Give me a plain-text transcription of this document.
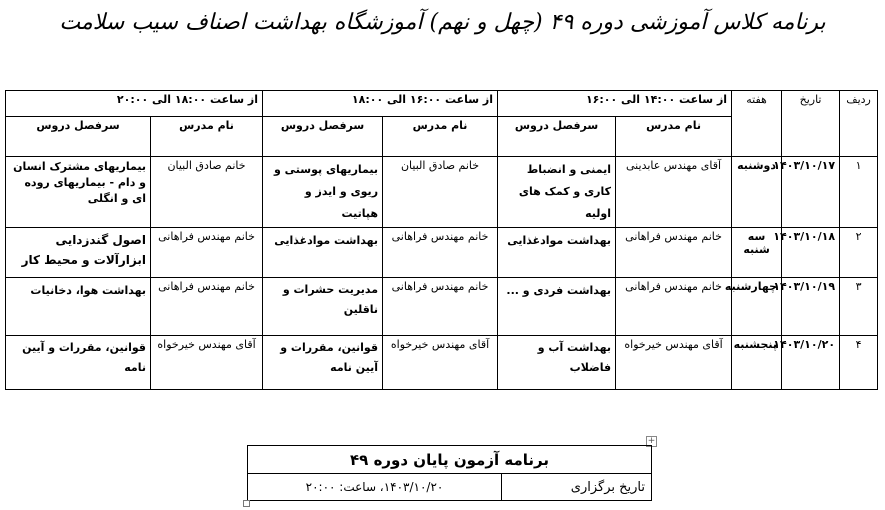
برنامه کلاس آموزشی دوره ۴۹ (چهل و نهم) آموزشگاه بهداشت اصناف سیب سلامت
ردیف	تاریخ	هفته	از ساعت ۱۴:۰۰ الی ۱۶:۰۰		از ساعت ۱۶:۰۰ الی ۱۸:۰۰		از ساعت ۱۸:۰۰ الی ۲۰:۰۰	
			نام مدرس	سرفصل دروس	نام مدرس	سرفصل دروس	نام مدرس	سرفصل دروس
۱	۱۴۰۳/۱۰/۱۷	دوشنبه	آقای مهندس عابدینی	ایمنی و انضباط کاری و کمک های اولیه	خانم صادق البیان	بیماریهای پوستی و ریوی و ایدز و هپاتیت	خانم صادق البیان	بیماریهای مشترک انسان و دام - بیماریهای روده ای و انگلی
۲	۱۴۰۳/۱۰/۱۸	سه شنبه	خانم مهندس فراهانی	بهداشت موادغذایی	خانم مهندس فراهانی	بهداشت موادغذایی	خانم مهندس فراهانی	اصول گندزدایی ابزارآلات و محیط کار
۳	۱۴۰۳/۱۰/۱۹	چهارشنبه	خانم مهندس فراهانی	بهداشت فردی و ...	خانم مهندس فراهانی	مدیریت حشرات و ناقلین	خانم مهندس فراهانی	بهداشت هوا، دخانیات
۴	۱۴۰۳/۱۰/۲۰	پنجشنبه	آقای مهندس خیرخواه	بهداشت آب و فاضلاب	آقای مهندس خیرخواه	قوانین، مقررات و آیین نامه	آقای مهندس خیرخواه	قوانین، مقررات و آیین نامه
+
برنامه آزمون پایان دوره ۴۹
تاریخ برگزاری	۱۴۰۳/۱۰/۲۰، ساعت: ۲۰:۰۰
